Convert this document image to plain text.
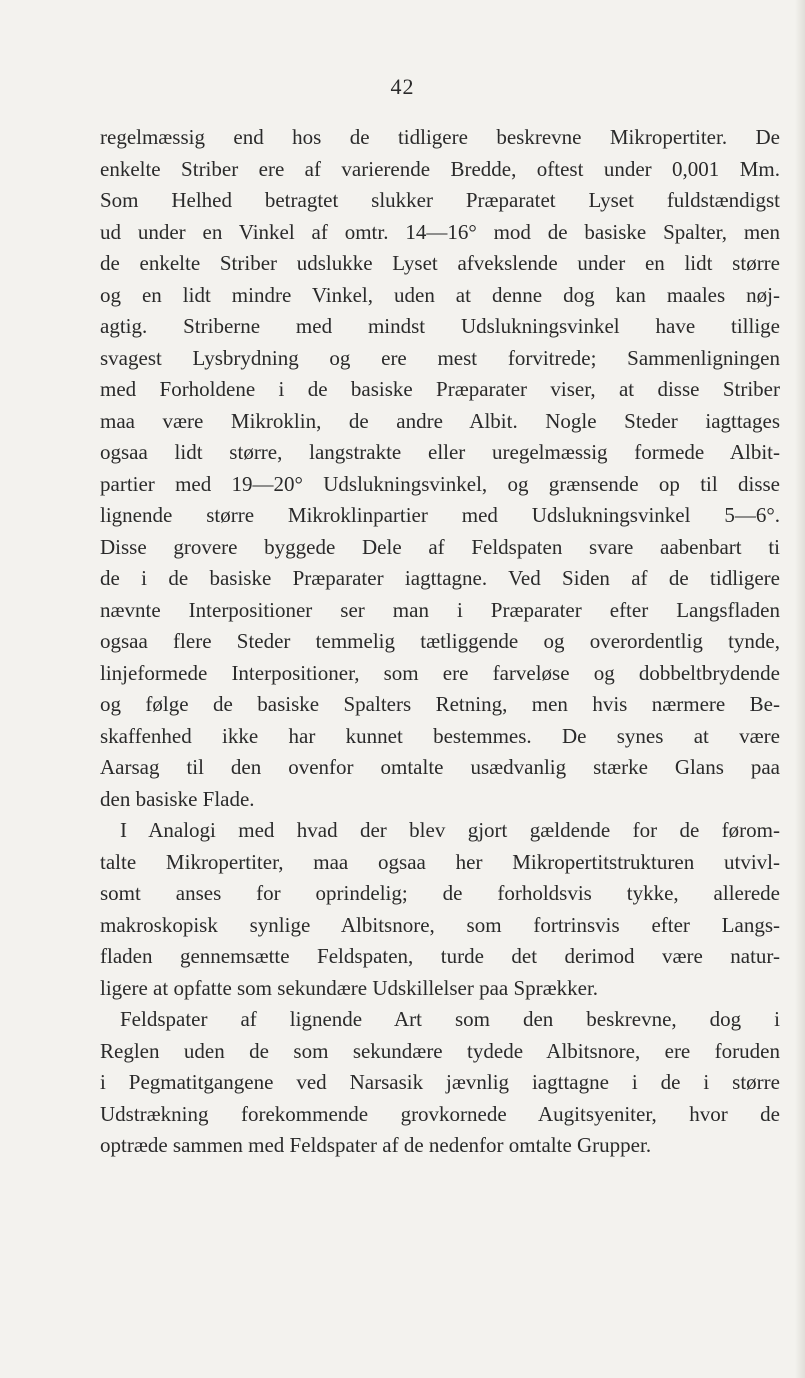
42
regelmæssig end hos de tidligere beskrevne Mikropertiter. De
enkelte Striber ere af varierende Bredde, oftest under 0,001 Mm.
Som Helhed betragtet slukker Præparatet Lyset fuldstændigst
ud under en Vinkel af omtr. 14—16° mod de basiske Spalter, men
de enkelte Striber udslukke Lyset afvekslende under en lidt større
og en lidt mindre Vinkel, uden at denne dog kan maales nøj-
agtig. Striberne med mindst Udslukningsvinkel have tillige
svagest Lysbrydning og ere mest forvitrede; Sammenligningen
med Forholdene i de basiske Præparater viser, at disse Striber
maa være Mikroklin, de andre Albit. Nogle Steder iagttages
ogsaa lidt større, langstrakte eller uregelmæssig formede Albit-
partier med 19—20° Udslukningsvinkel, og grænsende op til disse
lignende større Mikroklinpartier med Udslukningsvinkel 5—6°.
Disse grovere byggede Dele af Feldspaten svare aabenbart ti
de i de basiske Præparater iagttagne. Ved Siden af de tidligere
nævnte Interpositioner ser man i Præparater efter Langsfladen
ogsaa flere Steder temmelig tætliggende og overordentlig tynde,
linjeformede Interpositioner, som ere farveløse og dobbeltbrydende
og følge de basiske Spalters Retning, men hvis nærmere Be-
skaffenhed ikke har kunnet bestemmes. De synes at være
Aarsag til den ovenfor omtalte usædvanlig stærke Glans paa
den basiske Flade.
I Analogi med hvad der blev gjort gældende for de førom-
talte Mikropertiter, maa ogsaa her Mikropertitstrukturen utvivl-
somt anses for oprindelig; de forholdsvis tykke, allerede
makroskopisk synlige Albitsnore, som fortrinsvis efter Langs-
fladen gennemsætte Feldspaten, turde det derimod være natur-
ligere at opfatte som sekundære Udskillelser paa Sprækker.
Feldspater af lignende Art som den beskrevne, dog i
Reglen uden de som sekundære tydede Albitsnore, ere foruden
i Pegmatitgangene ved Narsasik jævnlig iagttagne i de i større
Udstrækning forekommende grovkornede Augitsyeniter, hvor de
optræde sammen med Feldspater af de nedenfor omtalte Grupper.
